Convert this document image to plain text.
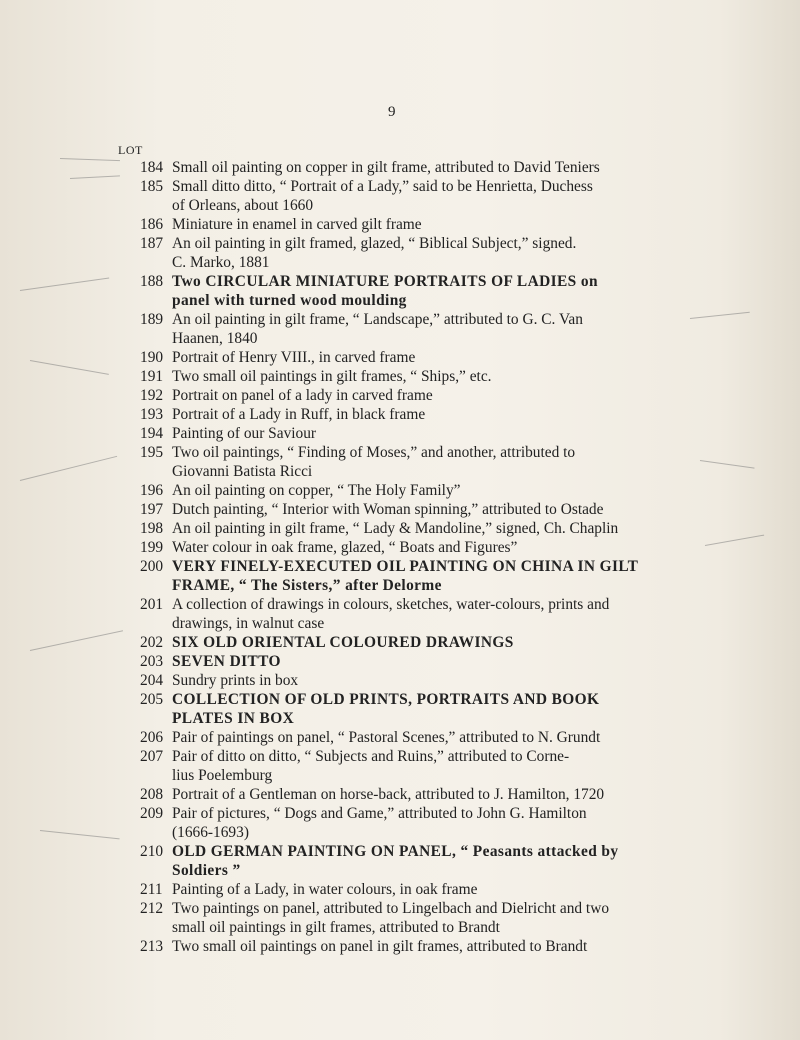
9
LOT
184 Small oil painting on copper in gilt frame, attributed to David Teniers
185 Small ditto ditto, “ Portrait of a Lady,” said to be Henrietta, Duchess
of Orleans, about 1660
186 Miniature in enamel in carved gilt frame
187 An oil painting in gilt framed, glazed, “ Biblical Subject,” signed.
C. Marko, 1881
188 Two CIRCULAR MINIATURE PORTRAITS OF LADIES on
panel with turned wood moulding
189 An oil painting in gilt frame, “ Landscape,” attributed to G. C. Van
Haanen, 1840
190 Portrait of Henry VIII., in carved frame
191 Two small oil paintings in gilt frames, “ Ships,” etc.
192 Portrait on panel of a lady in carved frame
193 Portrait of a Lady in Ruff, in black frame
194 Painting of our Saviour
195 Two oil paintings, “ Finding of Moses,” and another, attributed to
Giovanni Batista Ricci
196 An oil painting on copper, “ The Holy Family”
197 Dutch painting, “ Interior with Woman spinning,” attributed to Ostade
198 An oil painting in gilt frame, “ Lady & Mandoline,” signed, Ch. Chaplin
199 Water colour in oak frame, glazed, “ Boats and Figures”
200 VERY FINELY-EXECUTED OIL PAINTING ON CHINA IN GILT
FRAME, “ The Sisters,” after Delorme
201 A collection of drawings in colours, sketches, water-colours, prints and
drawings, in walnut case
202 SIX OLD ORIENTAL COLOURED DRAWINGS
203 SEVEN DITTO
204 Sundry prints in box
205 COLLECTION OF OLD PRINTS, PORTRAITS AND BOOK
PLATES IN BOX
206 Pair of paintings on panel, “ Pastoral Scenes,” attributed to N. Grundt
207 Pair of ditto on ditto, “ Subjects and Ruins,” attributed to Corne-
lius Poelemburg
208 Portrait of a Gentleman on horse-back, attributed to J. Hamilton, 1720
209 Pair of pictures, “ Dogs and Game,” attributed to John G. Hamilton
(1666-1693)
210 OLD GERMAN PAINTING ON PANEL, “ Peasants attacked by
Soldiers ”
211 Painting of a Lady, in water colours, in oak frame
212 Two paintings on panel, attributed to Lingelbach and Dielricht and two
small oil paintings in gilt frames, attributed to Brandt
213 Two small oil paintings on panel in gilt frames, attributed to Brandt
